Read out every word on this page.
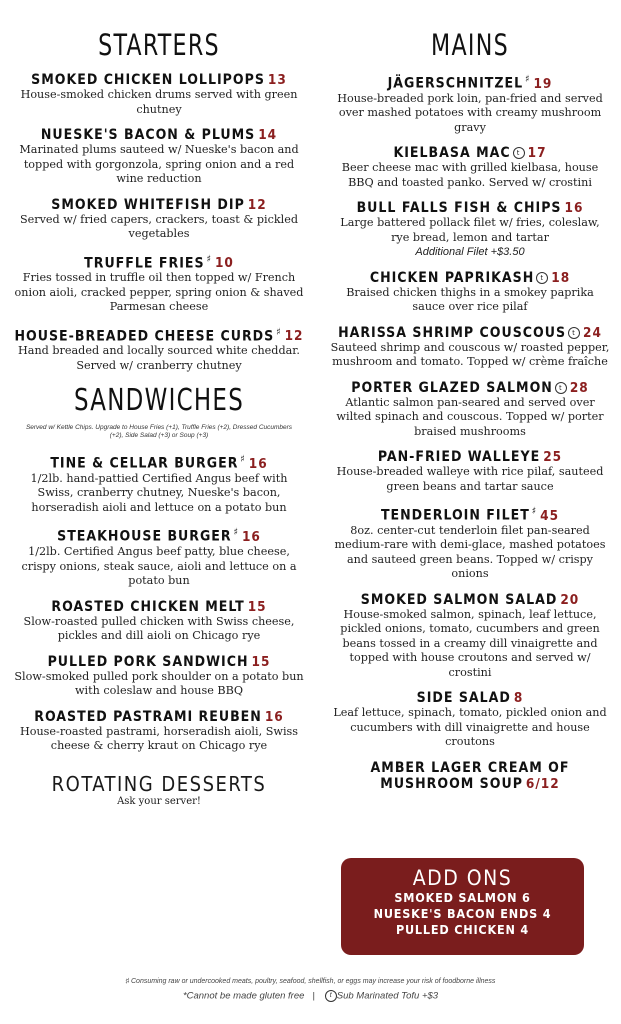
STARTERS
SMOKED CHICKEN LOLLIPOPS 13
House-smoked chicken drums served with green chutney
NUESKE'S BACON & PLUMS 14
Marinated plums sauteed w/ Nueske's bacon and topped with gorgonzola, spring onion and a red wine reduction
SMOKED WHITEFISH DIP 12
Served w/ fried capers, crackers, toast & pickled vegetables
TRUFFLE FRIES ♯ 10
Fries tossed in truffle oil then topped w/ French onion aioli, cracked pepper, spring onion & shaved Parmesan cheese
HOUSE-BREADED CHEESE CURDS ♯ 12
Hand breaded and locally sourced white cheddar. Served w/ cranberry chutney
SANDWICHES
Served w/ Kettle Chips. Upgrade to House Fries (+1), Truffle Fries (+2), Dressed Cucumbers (+2), Side Salad (+3) or Soup (+3)
TINE & CELLAR BURGER ♯ 16
1/2lb. hand-pattied Certified Angus beef with Swiss, cranberry chutney, Nueske's bacon, horseradish aioli and lettuce on a potato bun
STEAKHOUSE BURGER ♯ 16
1/2lb. Certified Angus beef patty, blue cheese, crispy onions, steak sauce, aioli and lettuce on a potato bun
ROASTED CHICKEN MELT 15
Slow-roasted pulled chicken with Swiss cheese, pickles and dill aioli on Chicago rye
PULLED PORK SANDWICH 15
Slow-smoked pulled pork shoulder on a potato bun with coleslaw and house BBQ
ROASTED PASTRAMI REUBEN 16
House-roasted pastrami, horseradish aioli, Swiss cheese & cherry kraut on Chicago rye
ROTATING DESSERTS
Ask your server!
MAINS
JÄGERSCHNITZEL ♯ 19
House-breaded pork loin, pan-fried and served over mashed potatoes with creamy mushroom gravy
KIELBASA MAC t 17
Beer cheese mac with grilled kielbasa, house BBQ and toasted panko. Served w/ crostini
BULL FALLS FISH & CHIPS 16
Large battered pollack filet w/ fries, coleslaw, rye bread, lemon and tartar
Additional Filet +$3.50
CHICKEN PAPRIKASH t 18
Braised chicken thighs in a smokey paprika sauce over rice pilaf
HARISSA SHRIMP COUSCOUS t 24
Sauteed shrimp and couscous w/ roasted pepper, mushroom and tomato. Topped w/ crème fraîche
PORTER GLAZED SALMON t 28
Atlantic salmon pan-seared and served over wilted spinach and couscous. Topped w/ porter braised mushrooms
PAN-FRIED WALLEYE 25
House-breaded walleye with rice pilaf, sauteed green beans and tartar sauce
TENDERLOIN FILET ♯ 45
8oz. center-cut tenderloin filet pan-seared medium-rare with demi-glace, mashed potatoes and sauteed green beans. Topped w/ crispy onions
SMOKED SALMON SALAD 20
House-smoked salmon, spinach, leaf lettuce, pickled onions, tomato, cucumbers and green beans tossed in a creamy dill vinaigrette and topped with house croutons and served w/ crostini
SIDE SALAD 8
Leaf lettuce, spinach, tomato, pickled onion and cucumbers with dill vinaigrette and house croutons
AMBER LAGER CREAM OF MUSHROOM SOUP 6/12
ADD ONS
SMOKED SALMON 6
NUESKE'S BACON ENDS 4
PULLED CHICKEN 4
♯ Consuming raw or undercooked meats, poultry, seafood, shellfish, or eggs may increase your risk of foodborne illness
*Cannot be made gluten free | t Sub Marinated Tofu +$3
